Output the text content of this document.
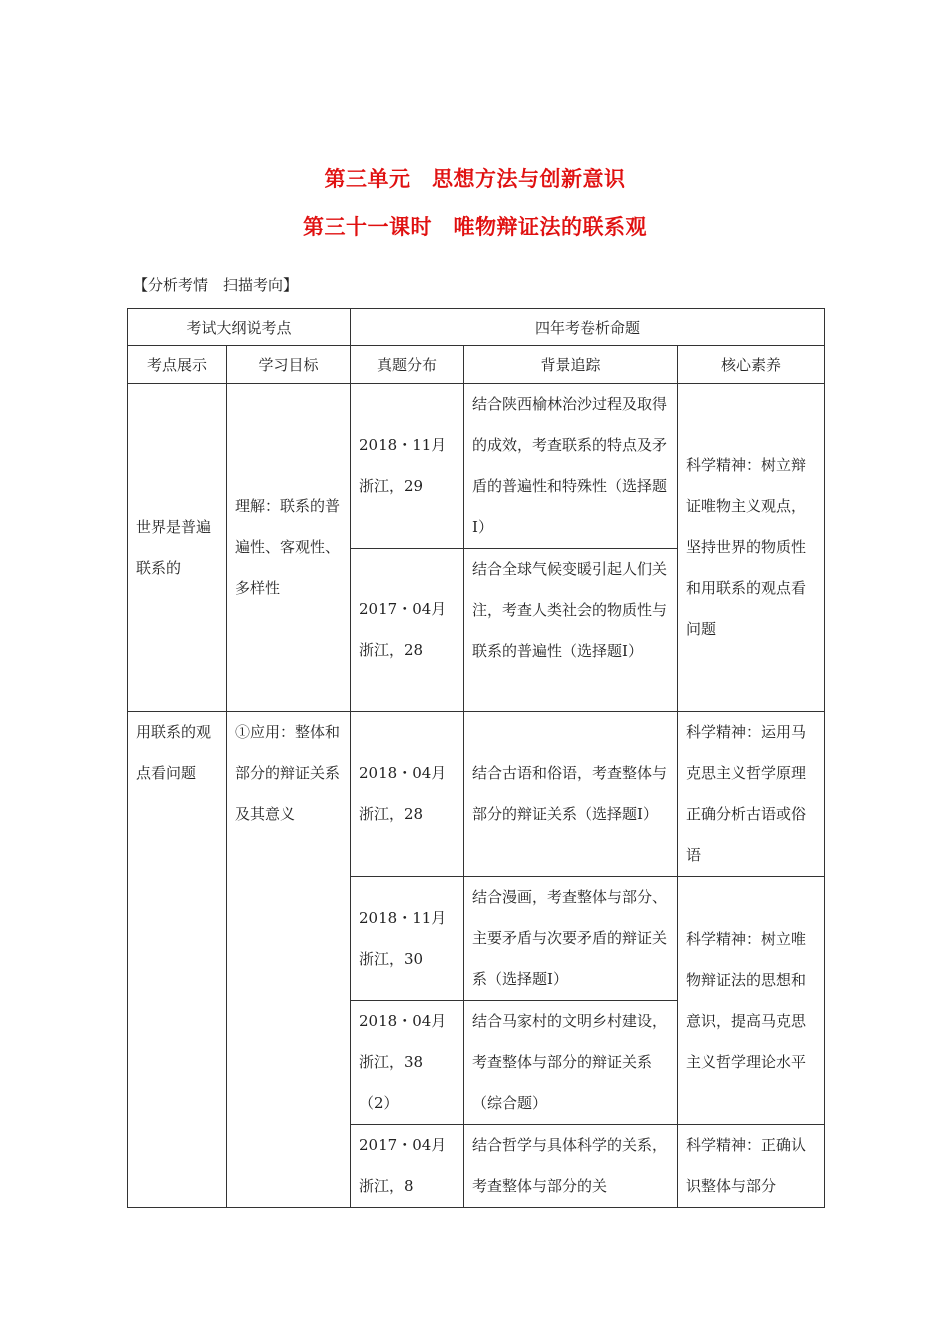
第三单元　思想方法与创新意识
第三十一课时　唯物辩证法的联系观
【分析考情　扫描考向】
考试大纲说考点		四年考卷析命题		
考点展示	学习目标	真题分布	背景追踪	核心素养
世界是普遍联系的	理解：联系的普遍性、客观性、多样性	2018・11月浙江，29	结合陕西榆林治沙过程及取得的成效，考查联系的特点及矛盾的普遍性和特殊性（选择题Ⅰ）	科学精神：树立辩证唯物主义观点，坚持世界的物质性和用联系的观点看问题
		2017・04月浙江，28	结合全球气候变暖引起人们关注，考查人类社会的物质性与联系的普遍性（选择题Ⅰ）	
用联系的观点看问题	①应用：整体和部分的辩证关系及其意义	2018・04月浙江，28	结合古语和俗语，考查整体与部分的辩证关系（选择题Ⅰ）	科学精神：运用马克思主义哲学原理正确分析古语或俗语
		2018・11月浙江，30	结合漫画，考查整体与部分、主要矛盾与次要矛盾的辩证关系（选择题Ⅰ）	科学精神：树立唯物辩证法的思想和意识，提高马克思主义哲学理论水平
		2018・04月浙江，38（2）	结合马家村的文明乡村建设，考查整体与部分的辩证关系（综合题）	
		2017・04月浙江，8	结合哲学与具体科学的关系，考查整体与部分的关	科学精神：正确认识整体与部分
